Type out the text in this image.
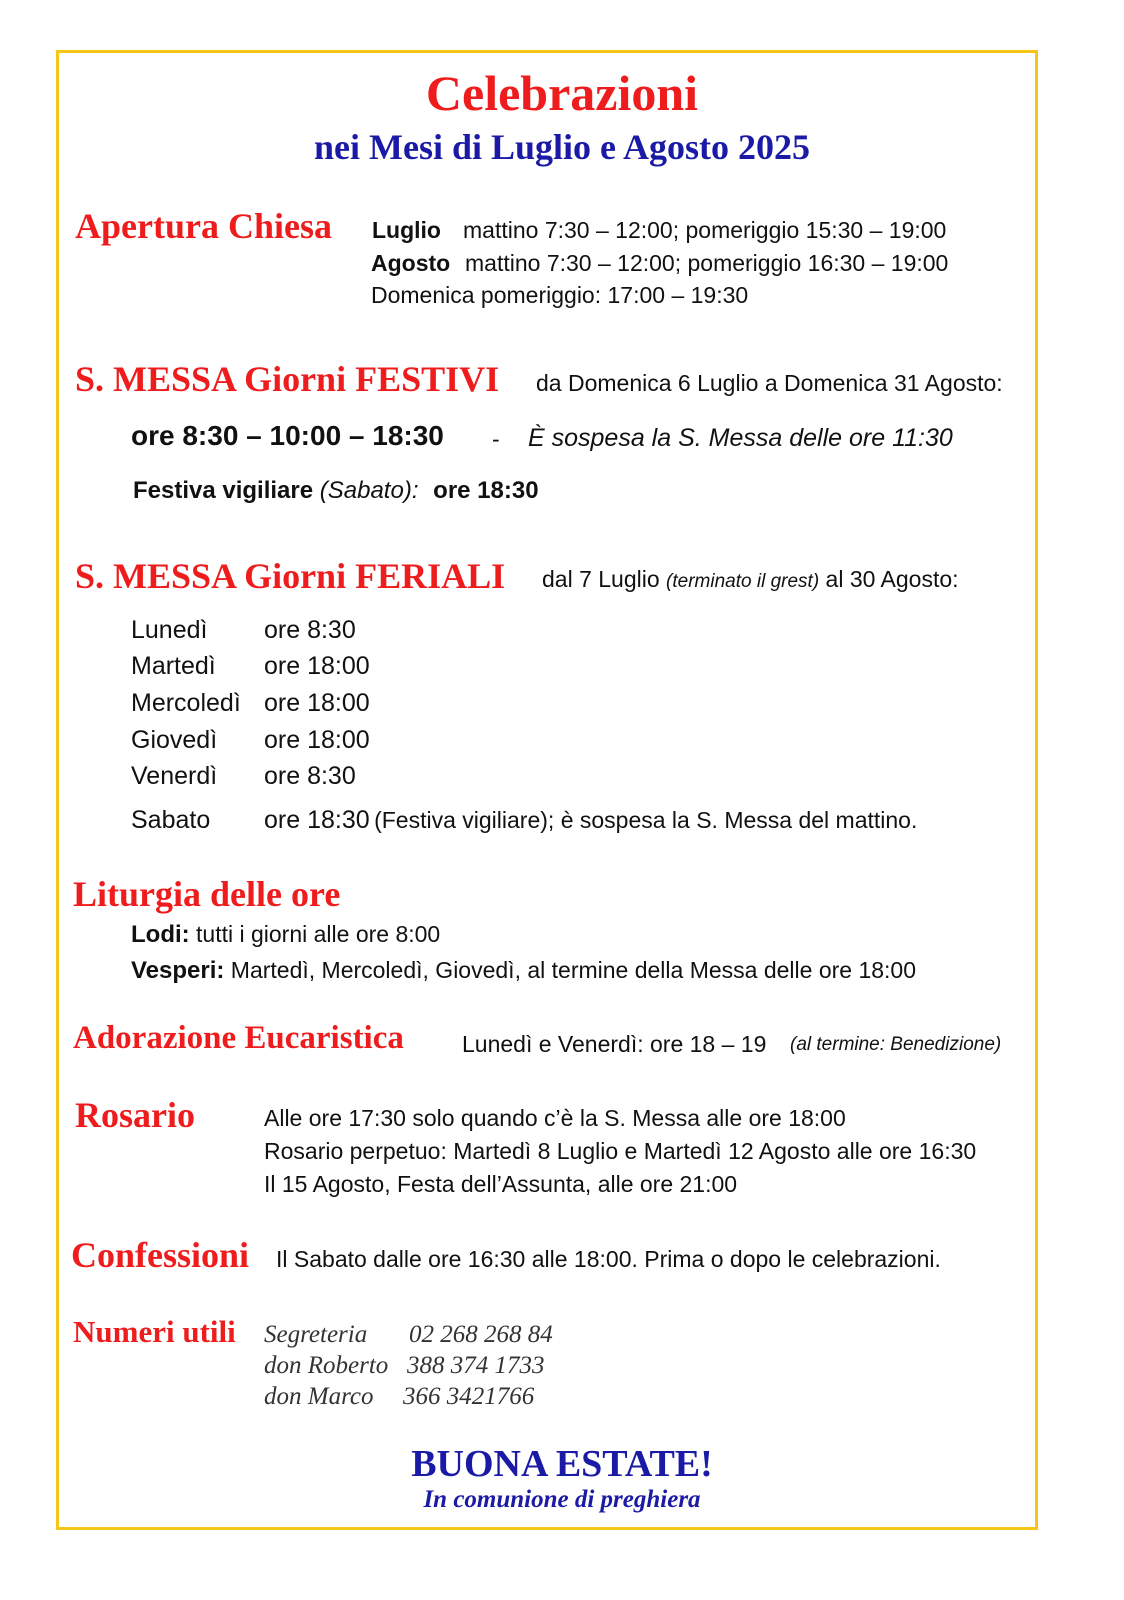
Celebrazioni
nei Mesi di Luglio e Agosto 2025
Apertura Chiesa Luglio mattino 7:30 – 12:00; pomeriggio 15:30 – 19:00
Agosto mattino 7:30 – 12:00; pomeriggio 16:30 – 19:00
Domenica pomeriggio: 17:00 – 19:30
S. MESSA Giorni FESTIVI da Domenica 6 Luglio a Domenica 31 Agosto:
ore 8:30 – 10:00 – 18:30 - È sospesa la S. Messa delle ore 11:30
Festiva vigiliare (Sabato): ore 18:30
S. MESSA Giorni FERIALI dal 7 Luglio (terminato il grest) al 30 Agosto:
Lunedì ore 8:30
Martedì ore 18:00
Mercoledì ore 18:00
Giovedì ore 18:00
Venerdì ore 8:30
Sabato ore 18:30 (Festiva vigiliare); è sospesa la S. Messa del mattino.
Liturgia delle ore
Lodi: tutti i giorni alle ore 8:00
Vesperi: Martedì, Mercoledì, Giovedì, al termine della Messa delle ore 18:00
Adorazione Eucaristica	Lunedì e Venerdì: ore 18 – 19 (al termine: Benedizione)
Rosario	Alle ore 17:30 solo quando c’è la S. Messa alle ore 18:00
Rosario perpetuo: Martedì 8 Luglio e Martedì 12 Agosto alle ore 16:30
Il 15 Agosto, Festa dell’Assunta, alle ore 21:00
Confessioni Il Sabato dalle ore 16:30 alle 18:00. Prima o dopo le celebrazioni.
Numeri utili Segreteria 02 268 268 84
don Roberto 388 374 1733
don Marco 366 3421766
BUONA ESTATE!
In comunione di preghiera
